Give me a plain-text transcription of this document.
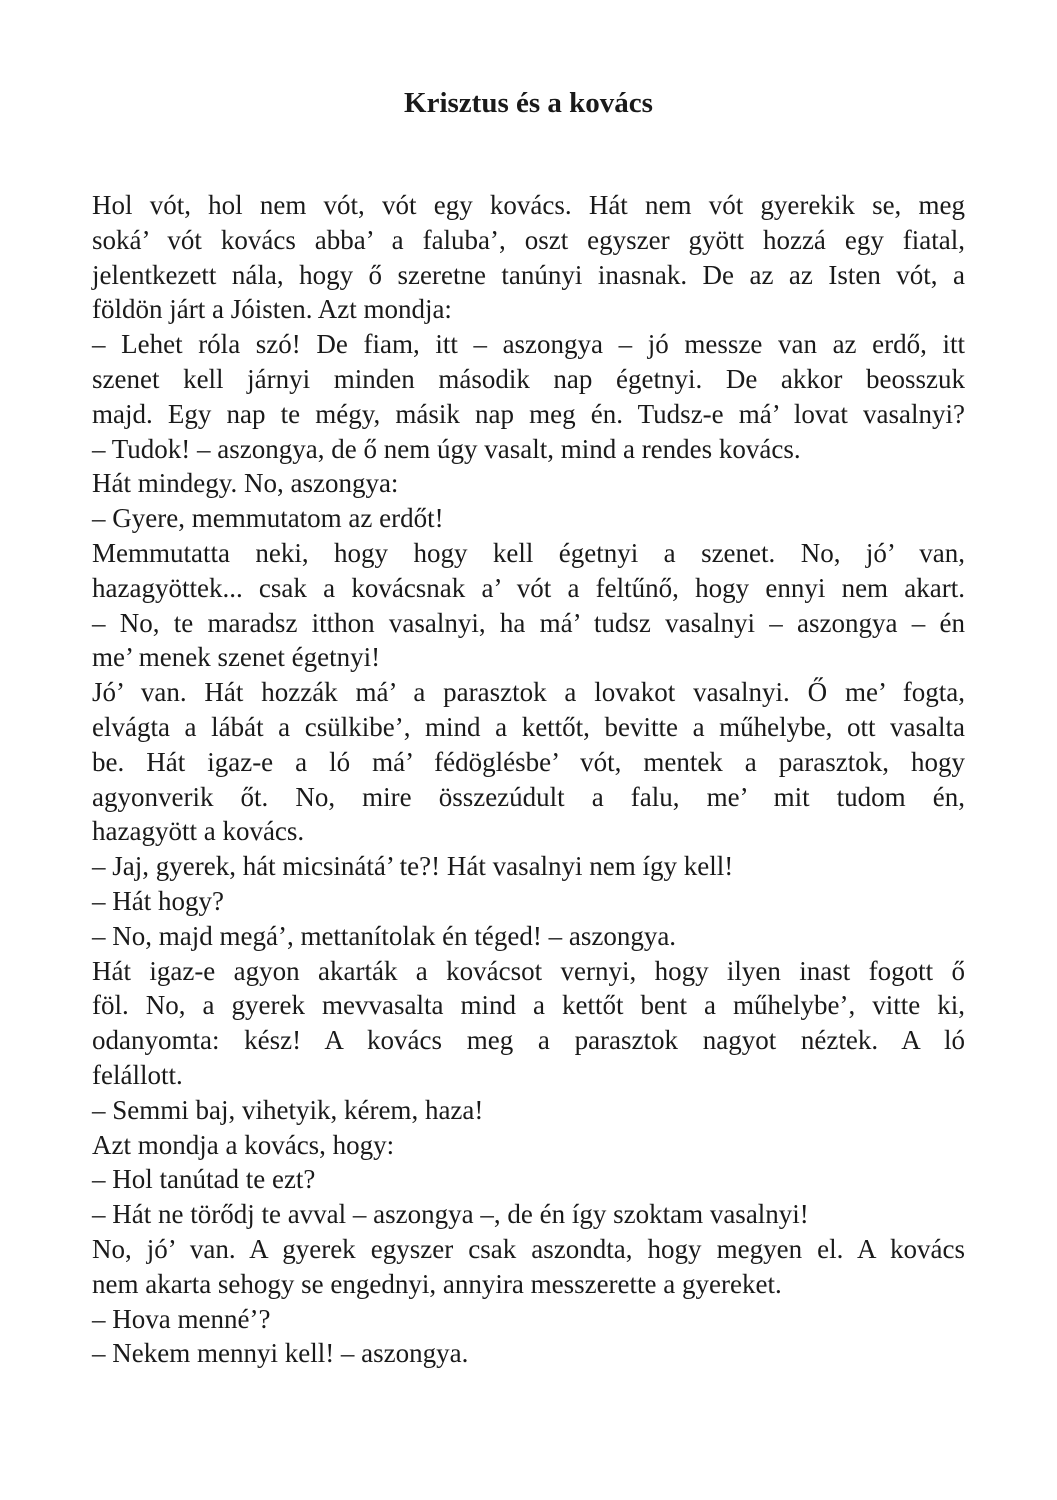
Krisztus és a kovács
Hol vót, hol nem vót, vót egy kovács. Hát nem vót gyerekik se, meg
soká’ vót kovács abba’ a faluba’, oszt egyszer gyött hozzá egy fiatal,
jelentkezett nála, hogy ő szeretne tanúnyi inasnak. De az az Isten vót, a
földön járt a Jóisten. Azt mondja:
– Lehet róla szó! De fiam, itt – aszongya – jó messze van az erdő, itt
szenet kell járnyi minden második nap égetnyi. De akkor beosszuk
majd. Egy nap te mégy, másik nap meg én. Tudsz-e má’ lovat vasalnyi?
– Tudok! – aszongya, de ő nem úgy vasalt, mind a rendes kovács.
Hát mindegy. No, aszongya:
– Gyere, memmutatom az erdőt!
Memmutatta neki, hogy hogy kell égetnyi a szenet. No, jó’ van,
hazagyöttek... csak a kovácsnak a’ vót a feltűnő, hogy ennyi nem akart.
– No, te maradsz itthon vasalnyi, ha má’ tudsz vasalnyi – aszongya – én
me’ menek szenet égetnyi!
Jó’ van. Hát hozzák má’ a parasztok a lovakot vasalnyi. Ő me’ fogta,
elvágta a lábát a csülkibe’, mind a kettőt, bevitte a műhelybe, ott vasalta
be. Hát igaz-e a ló má’ fédöglésbe’ vót, mentek a parasztok, hogy
agyonverik őt. No, mire összezúdult a falu, me’ mit tudom én,
hazagyött a kovács.
– Jaj, gyerek, hát micsinátá’ te?! Hát vasalnyi nem így kell!
– Hát hogy?
– No, majd megá’, mettanítolak én téged! – aszongya.
Hát igaz-e agyon akarták a kovácsot vernyi, hogy ilyen inast fogott ő
föl. No, a gyerek mevvasalta mind a kettőt bent a műhelybe’, vitte ki,
odanyomta: kész! A kovács meg a parasztok nagyot néztek. A ló
felállott.
– Semmi baj, vihetyik, kérem, haza!
Azt mondja a kovács, hogy:
– Hol tanútad te ezt?
– Hát ne törődj te avval – aszongya –, de én így szoktam vasalnyi!
No, jó’ van. A gyerek egyszer csak aszondta, hogy megyen el. A kovács
nem akarta sehogy se engednyi, annyira messzerette a gyereket.
– Hova menné’?
– Nekem mennyi kell! – aszongya.
